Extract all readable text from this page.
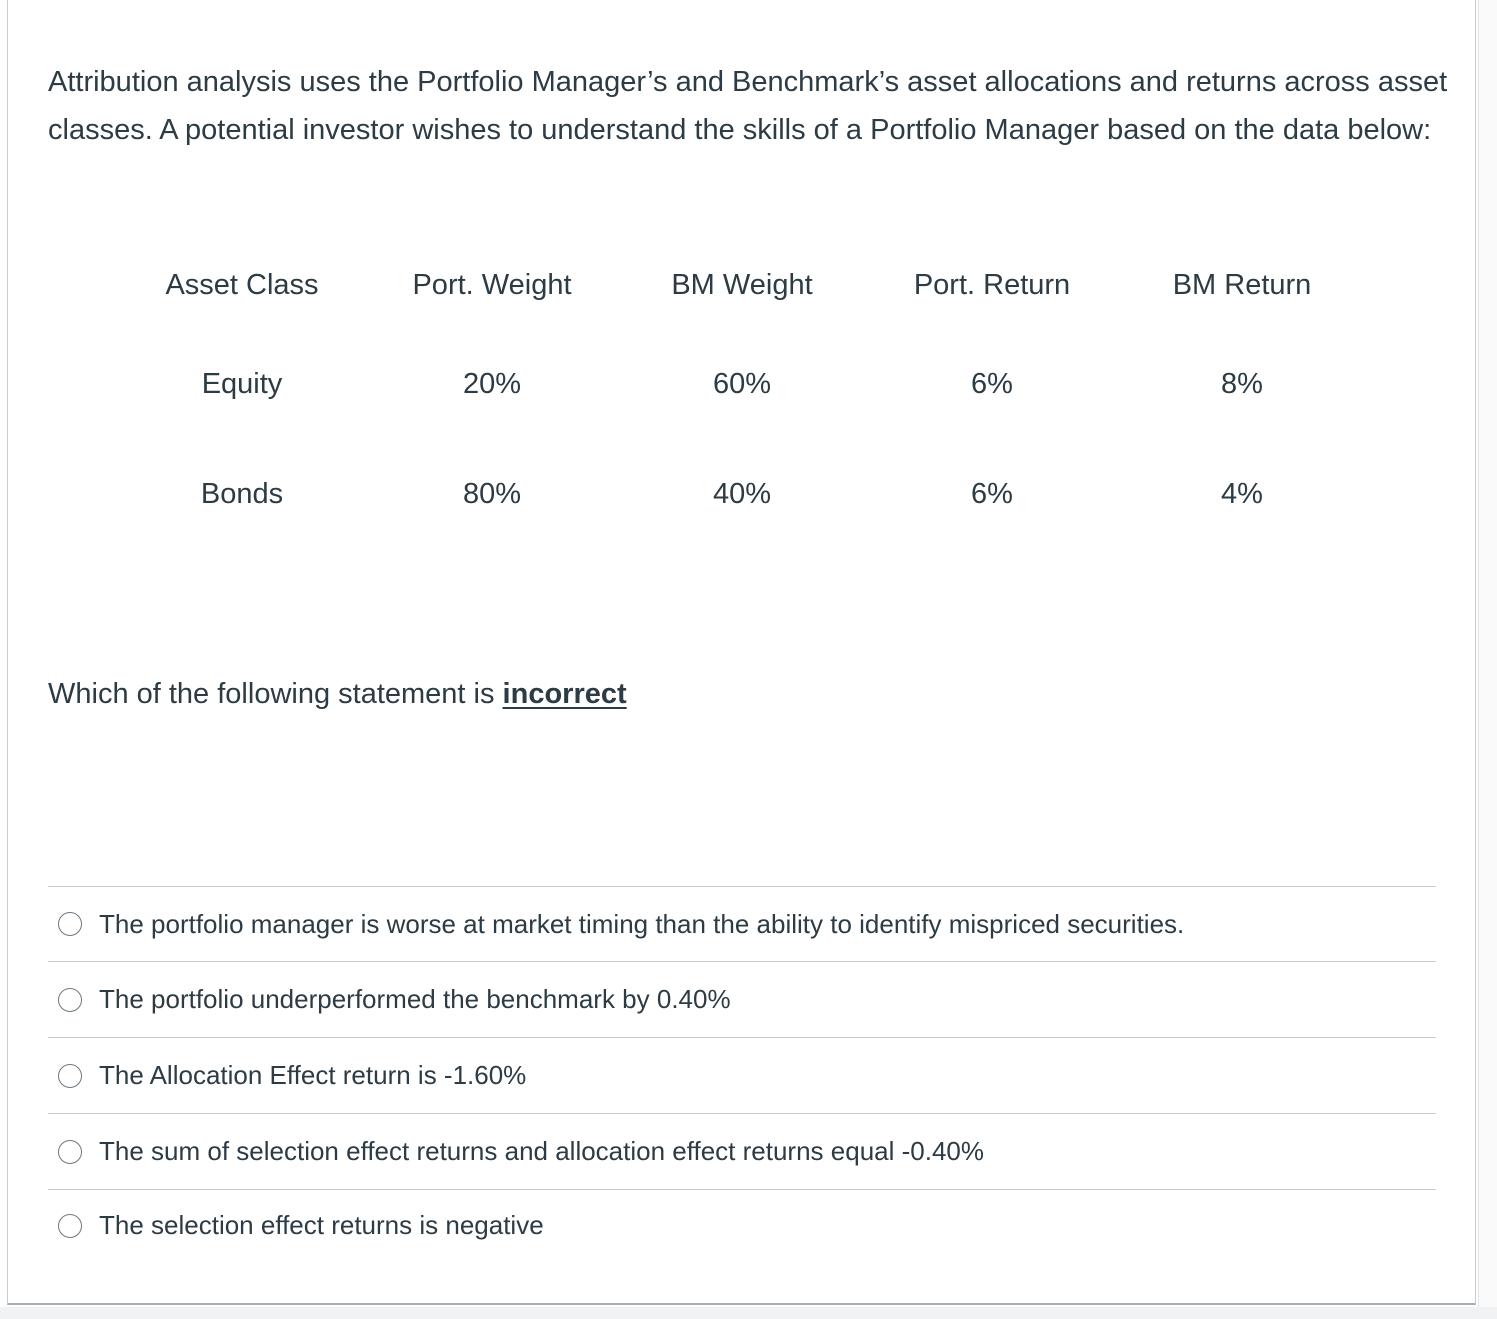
Attribution analysis uses the Portfolio Manager’s and Benchmark’s asset allocations and returns across asset classes. A potential investor wishes to understand the skills of a Portfolio Manager based on the data below:

Asset Class	Port. Weight	BM Weight	Port. Return	BM Return
Equity	20%	60%	6%	8%
Bonds	80%	40%	6%	4%

Which of the following statement is incorrect

The portfolio manager is worse at market timing than the ability to identify mispriced securities.
The portfolio underperformed the benchmark by 0.40%
The Allocation Effect return is -1.60%
The sum of selection effect returns and allocation effect returns equal -0.40%
The selection effect returns is negative
